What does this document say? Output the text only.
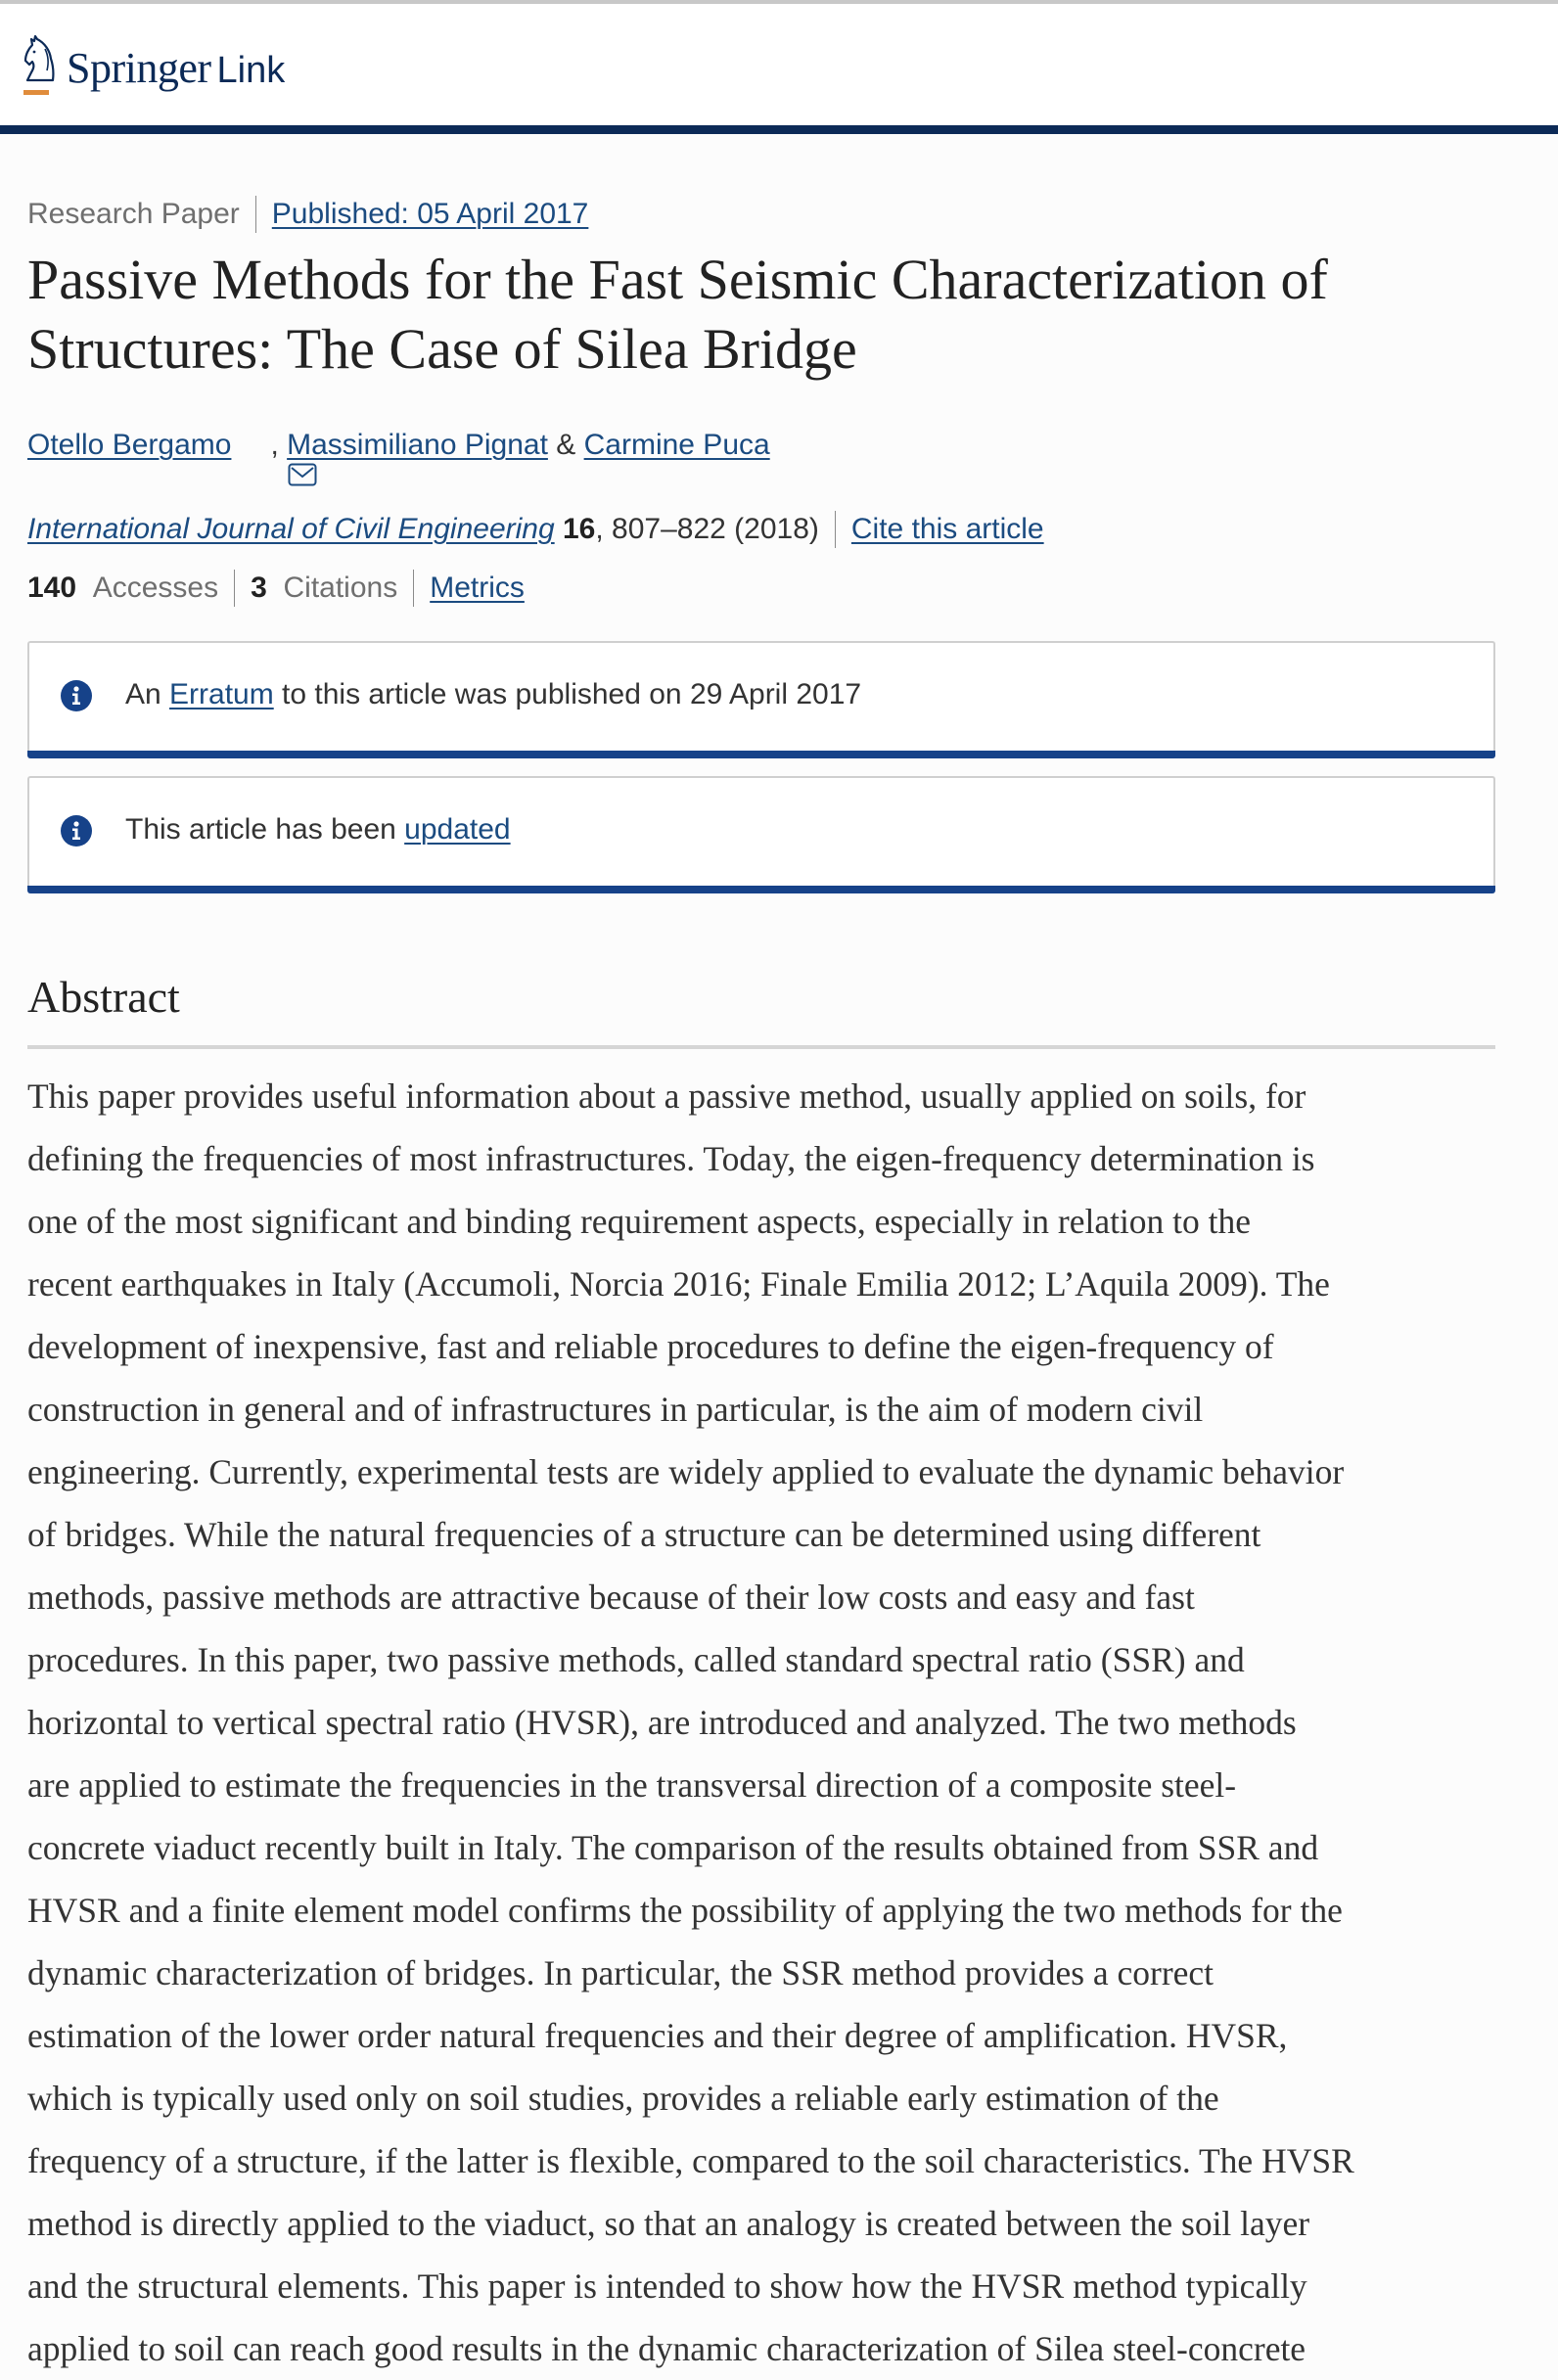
Springer Link
Research Paper Published: 05 April 2017
Passive Methods for the Fast Seismic Characterization of
Structures: The Case of Silea Bridge
Otello Bergamo

,
Massimiliano Pignat
&
Carmine Puca
International Journal of Civil Engineering
16 , 807–822 (2018) Cite this article
140
Accesses 3
Citations Metrics
An Erratum to this article was published on 29 April 2017
This article has been updated
Abstract

This paper provides useful information about a passive method, usually applied on soils, for
defining the frequencies of most infrastructures. Today, the eigen-frequency determination is
one of the most significant and binding requirement aspects, especially in relation to the
recent earthquakes in Italy (Accumoli, Norcia 2016; Finale Emilia 2012; L’Aquila 2009). The
development of inexpensive, fast and reliable procedures to define the eigen-frequency of
construction in general and of infrastructures in particular, is the aim of modern civil
engineering. Currently, experimental tests are widely applied to evaluate the dynamic behavior
of bridges. While the natural frequencies of a structure can be determined using different
methods, passive methods are attractive because of their low costs and easy and fast
procedures. In this paper, two passive methods, called standard spectral ratio (SSR) and
horizontal to vertical spectral ratio (HVSR), are introduced and analyzed. The two methods
are applied to estimate the frequencies in the transversal direction of a composite steel-
concrete viaduct recently built in Italy. The comparison of the results obtained from SSR and
HVSR and a finite element model confirms the possibility of applying the two methods for the
dynamic characterization of bridges. In particular, the SSR method provides a correct
estimation of the lower order natural frequencies and their degree of amplification. HVSR,
which is typically used only on soil studies, provides a reliable early estimation of the
frequency of a structure, if the latter is flexible, compared to the soil characteristics. The HVSR
method is directly applied to the viaduct, so that an analogy is created between the soil layer
and the structural elements. This paper is intended to show how the HVSR method typically
applied to soil can reach good results in the dynamic characterization of Silea steel-concrete
